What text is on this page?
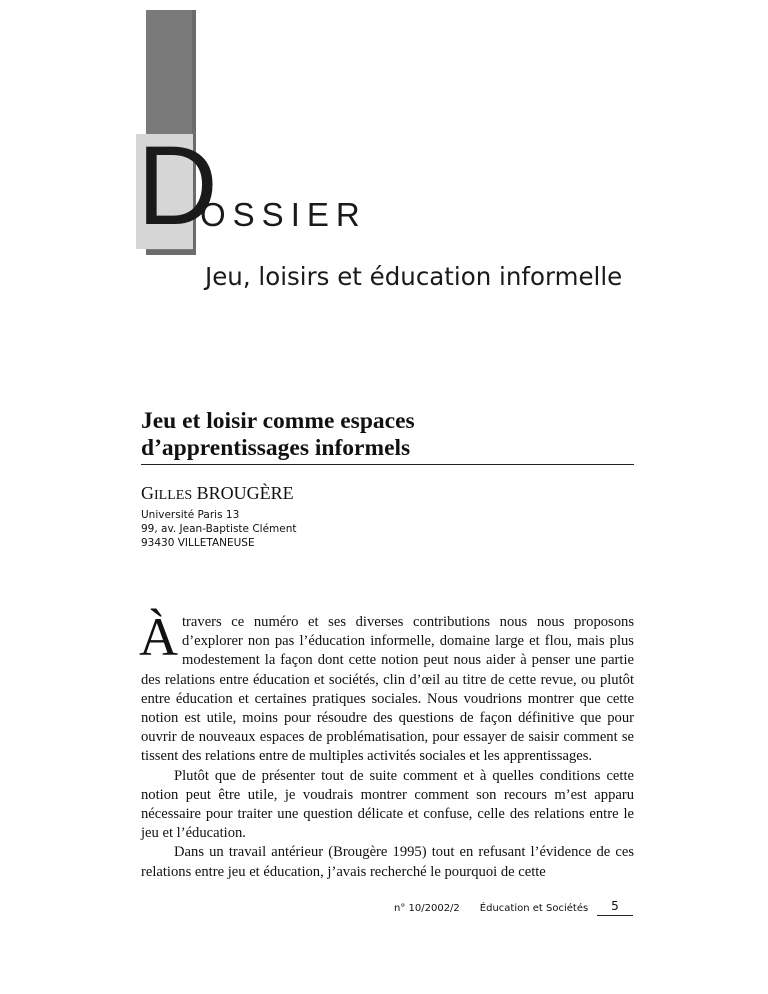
D
OSSIER
Jeu, loisirs et éducation informelle
Jeu et loisir comme espaces
d’apprentissages informels
GILLES BROUGÈRE
Université Paris 13
99, av. Jean-Baptiste Clément
93430 VILLETANEUSE

Àtravers ce numéro et ses diverses contributions nous nous proposons d’explorer non pas l’éducation informelle, domaine large et flou, mais plus modestement la façon dont cette notion peut nous aider à penser une partie des relations entre éducation et sociétés, clin d’œil au titre de cette revue, ou plutôt entre éducation et certaines pratiques sociales. Nous voudrions montrer que cette notion est utile, moins pour résoudre des questions de façon définitive que pour ouvrir de nouveaux espaces de problématisation, pour essayer de saisir comment se tissent des relations entre de multiples activités sociales et les apprentissages.

Plutôt que de présenter tout de suite comment et à quelles conditions cette notion peut être utile, je voudrais montrer comment son recours m’est apparu nécessaire pour traiter une question délicate et confuse, celle des relations entre le jeu et l’éducation.

Dans un travail antérieur (Brougère 1995) tout en refusant l’évidence de ces relations entre jeu et éducation, j’avais recherché le pourquoi de cette

n° 10/2002/2 Éducation et Sociétés	5
